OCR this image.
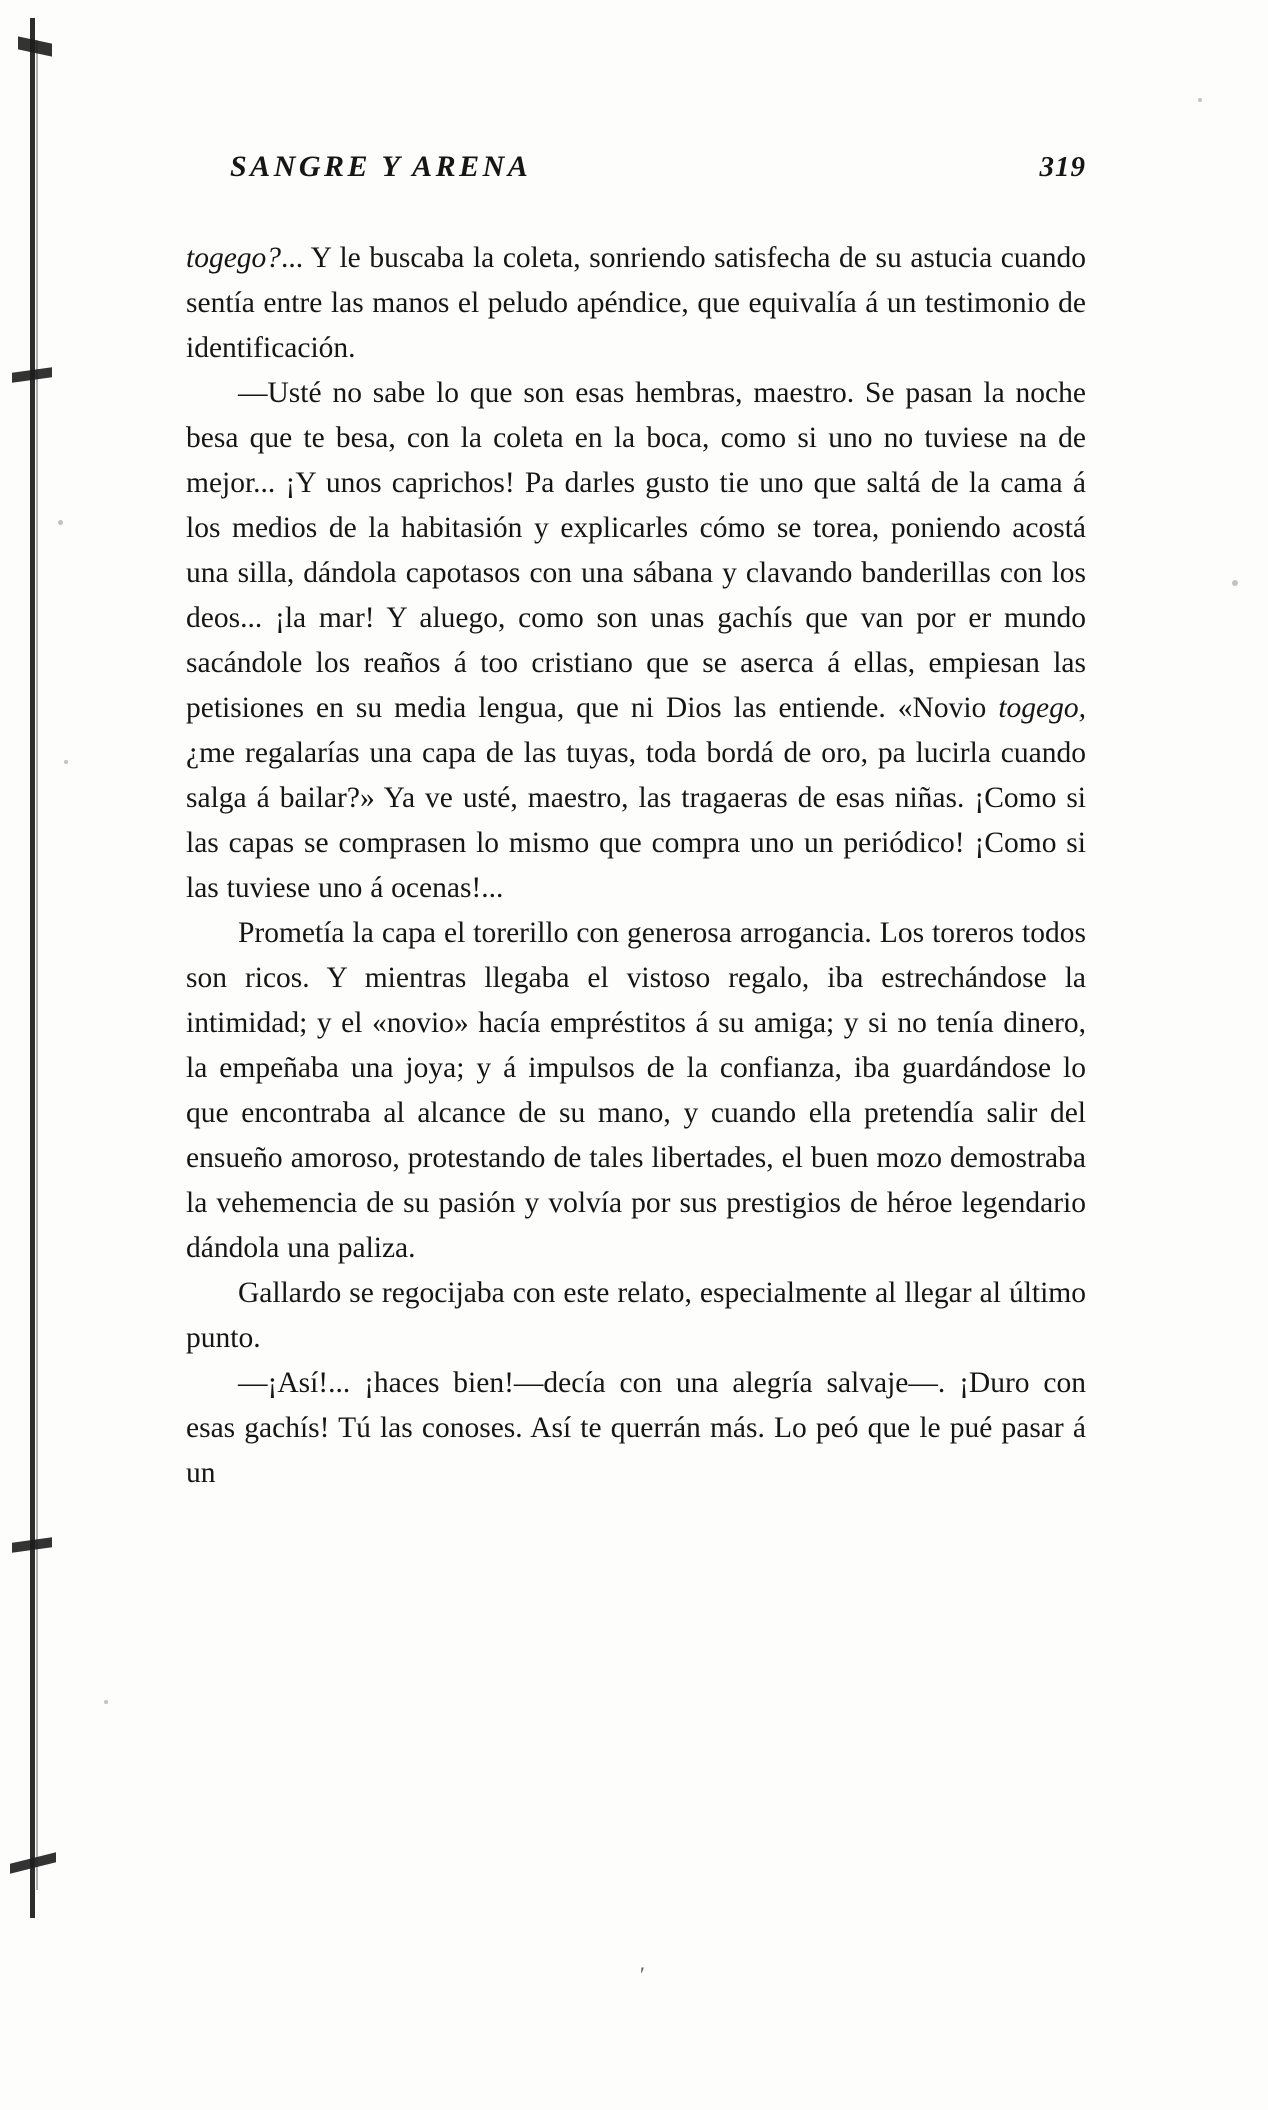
SANGRE Y ARENA	319

togego?... Y le buscaba la coleta, sonriendo satisfecha de su astucia cuando sentía entre las manos el peludo apéndice, que equivalía á un testimonio de identificación.

—Usté no sabe lo que son esas hembras, maestro. Se pasan la noche besa que te besa, con la coleta en la boca, como si uno no tuviese na de mejor... ¡Y unos caprichos! Pa darles gusto tie uno que saltá de la cama á los medios de la habitasión y explicarles cómo se torea, poniendo acostá una silla, dándola capotasos con una sábana y clavando banderillas con los deos... ¡la mar! Y aluego, como son unas gachís que van por er mundo sacándole los reaños á too cristiano que se aserca á ellas, empiesan las petisiones en su media lengua, que ni Dios las entiende. «Novio togego, ¿me regalarías una capa de las tuyas, toda bordá de oro, pa lucirla cuando salga á bailar?» Ya ve usté, maestro, las tragaeras de esas niñas. ¡Como si las capas se comprasen lo mismo que compra uno un periódico! ¡Como si las tuviese uno á ocenas!...

Prometía la capa el torerillo con generosa arrogancia. Los toreros todos son ricos. Y mientras llegaba el vistoso regalo, iba estrechándose la intimidad; y el «novio» hacía empréstitos á su amiga; y si no tenía dinero, la empeñaba una joya; y á impulsos de la confianza, iba guardándose lo que encontraba al alcance de su mano, y cuando ella pretendía salir del ensueño amoroso, protestando de tales libertades, el buen mozo demostraba la vehemencia de su pasión y volvía por sus prestigios de héroe legendario dándola una paliza.

Gallardo se regocijaba con este relato, especialmente al llegar al último punto.

—¡Así!... ¡haces bien!—decía con una alegría salvaje—. ¡Duro con esas gachís! Tú las conoses. Así te querrán más. Lo peó que le pué pasar á un

′
